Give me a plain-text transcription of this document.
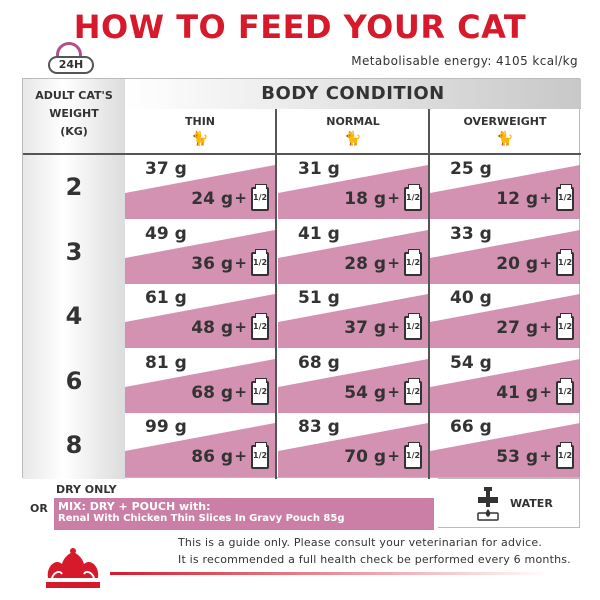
HOW TO FEED YOUR CAT
24H	Metabolisable energy: 4105 kcal/kg
ADULT CAT'S
WEIGHT
(KG)
BODY CONDITION
THIN
🐈
NORMAL
🐈
OVERWEIGHT
🐈
2
37 g
24 g + 1/2
31 g
18 g + 1/2
25 g
12 g + 1/2
3
49 g
36 g + 1/2
41 g
28 g + 1/2
33 g
20 g + 1/2
4
61 g
48 g + 1/2
51 g
37 g + 1/2
40 g
27 g + 1/2
6
81 g
68 g + 1/2
68 g
54 g + 1/2
54 g
41 g + 1/2
8
99 g
86 g + 1/2
83 g
70 g + 1/2
66 g
53 g + 1/2
DRY ONLY
OR MIX: DRY + POUCH with:
Renal With Chicken Thin Slices In Gravy Pouch 85g
WATER
This is a guide only. Please consult your veterinarian for advice.
It is recommended a full health check be performed every 6 months.
